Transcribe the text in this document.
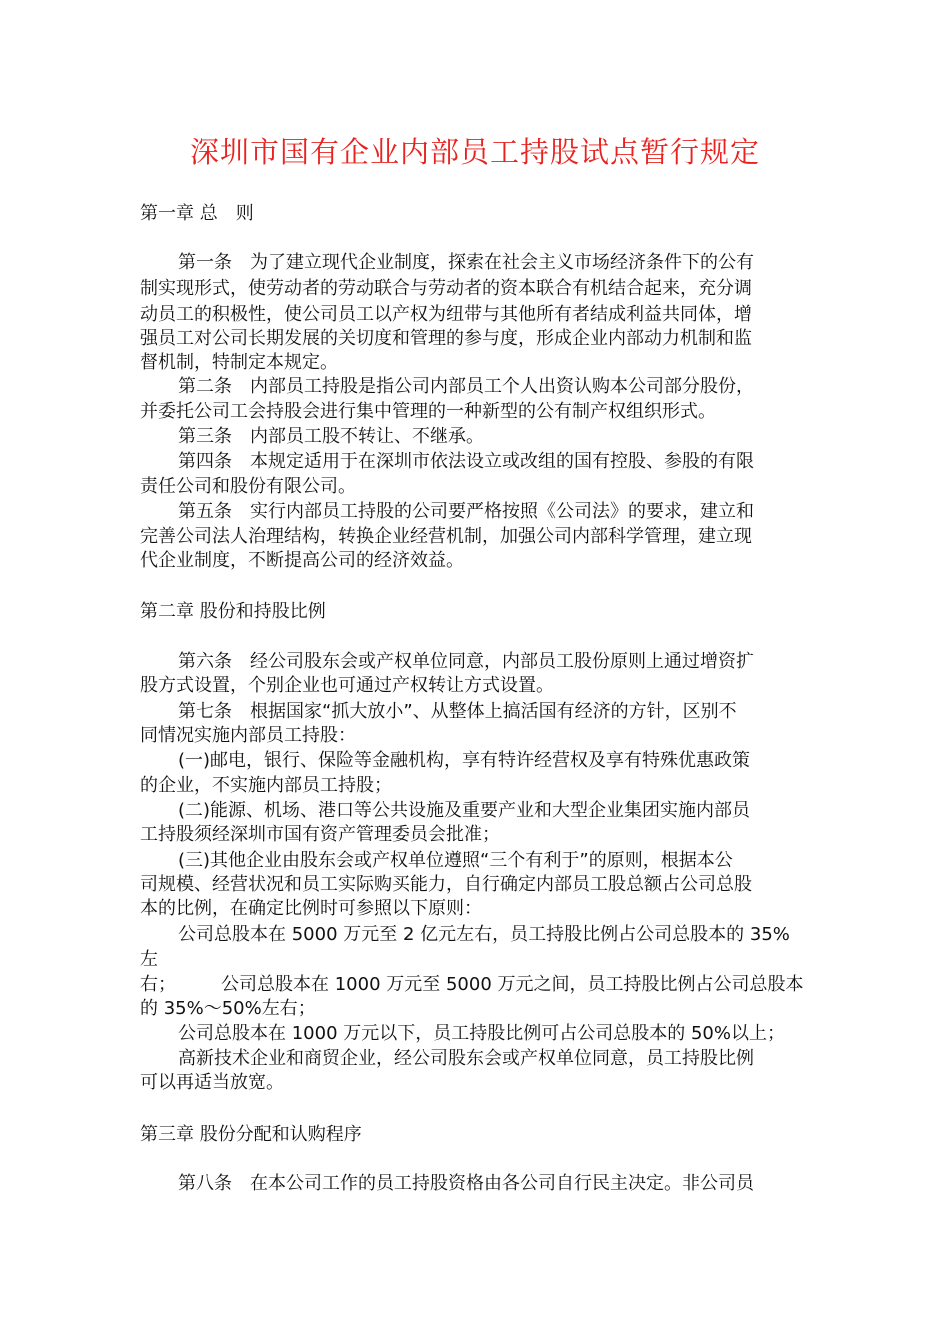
深圳市国有企业内部员工持股试点暂行规定

第一章 总　则

第一条　为了建立现代企业制度，探索在社会主义市场经济条件下的公有

制实现形式，使劳动者的劳动联合与劳动者的资本联合有机结合起来，充分调

动员工的积极性，使公司员工以产权为纽带与其他所有者结成利益共同体，增

强员工对公司长期发展的关切度和管理的参与度，形成企业内部动力机制和监

督机制，特制定本规定。

第二条　内部员工持股是指公司内部员工个人出资认购本公司部分股份，

并委托公司工会持股会进行集中管理的一种新型的公有制产权组织形式。

第三条　内部员工股不转让、不继承。

第四条　本规定适用于在深圳市依法设立或改组的国有控股、参股的有限

责任公司和股份有限公司。

第五条　实行内部员工持股的公司要严格按照《公司法》的要求，建立和

完善公司法人治理结构，转换企业经营机制，加强公司内部科学管理，建立现

代企业制度，不断提高公司的经济效益。

第二章 股份和持股比例

第六条　经公司股东会或产权单位同意，内部员工股份原则上通过增资扩

股方式设置，个别企业也可通过产权转让方式设置。

第七条　根据国家“抓大放小”、从整体上搞活国有经济的方针，区别不

同情况实施内部员工持股：

(一)邮电，银行、保险等金融机构，享有特许经营权及享有特殊优惠政策

的企业，不实施内部员工持股；

(二)能源、机场、港口等公共设施及重要产业和大型企业集团实施内部员

工持股须经深圳市国有资产管理委员会批准；

(三)其他企业由股东会或产权单位遵照“三个有利于”的原则，根据本公

司规模、经营状况和员工实际购买能力，自行确定内部员工股总额占公司总股

本的比例，在确定比例时可参照以下原则：

公司总股本在 5000 万元至 2 亿元左右，员工持股比例占公司总股本的 35%

左

右；　　　公司总股本在 1000 万元至 5000 万元之间，员工持股比例占公司总股本

的 35%～50%左右；

公司总股本在 1000 万元以下，员工持股比例可占公司总股本的 50%以上；

高新技术企业和商贸企业，经公司股东会或产权单位同意，员工持股比例

可以再适当放宽。

第三章 股份分配和认购程序

第八条　在本公司工作的员工持股资格由各公司自行民主决定。非公司员
